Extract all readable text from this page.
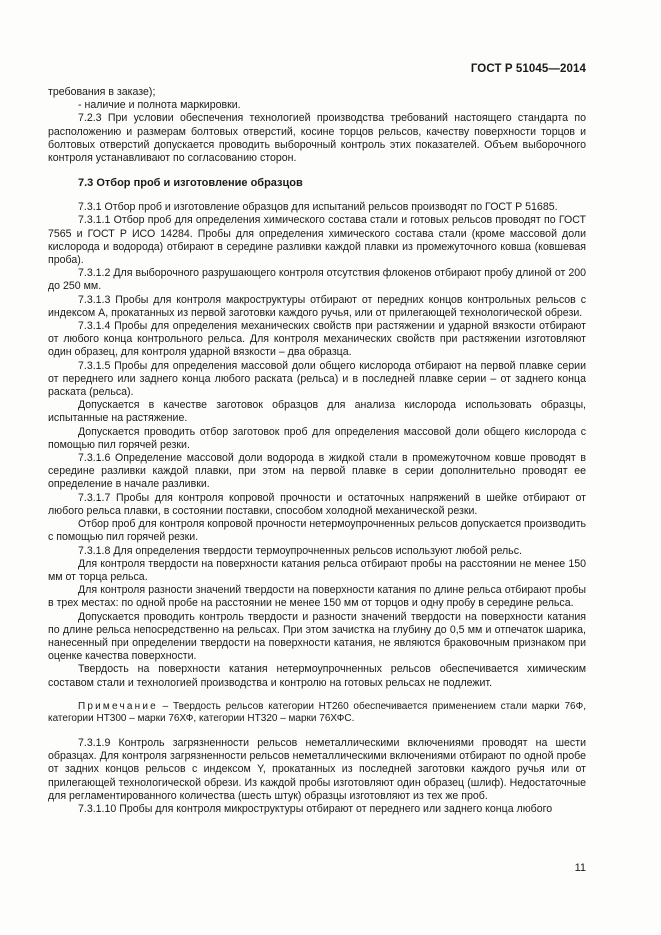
ГОСТ Р 51045—2014

требования в заказе);

- наличие и полнота маркировки.

7.2.3 При условии обеспечения технологией производства требований настоящего стандарта по расположению и размерам болтовых отверстий, косине торцов рельсов, качеству поверхности торцов и болтовых отверстий допускается проводить выборочный контроль этих показателей. Объем выборочного контроля устанавливают по согласованию сторон.

7.3 Отбор проб и изготовление образцов

7.3.1 Отбор проб и изготовление образцов для испытаний рельсов производят по ГОСТ Р 51685.

7.3.1.1 Отбор проб для определения химического состава стали и готовых рельсов проводят по ГОСТ 7565 и ГОСТ Р ИСО 14284. Пробы для определения химического состава стали (кроме массовой доли кислорода и водорода) отбирают в середине разливки каждой плавки из промежуточного ковша (ковшевая проба).

7.3.1.2 Для выборочного разрушающего контроля отсутствия флокенов отбирают пробу длиной от 200 до 250 мм.

7.3.1.3 Пробы для контроля макроструктуры отбирают от передних концов контрольных рельсов с индексом А, прокатанных из первой заготовки каждого ручья, или от прилегающей технологической обрези.

7.3.1.4 Пробы для определения механических свойств при растяжении и ударной вязкости отбирают от любого конца контрольного рельса. Для контроля механических свойств при растяжении изготовляют один образец, для контроля ударной вязкости – два образца.

7.3.1.5 Пробы для определения массовой доли общего кислорода отбирают на первой плавке серии от переднего или заднего конца любого раската (рельса) и в последней плавке серии – от заднего конца раската (рельса).

Допускается в качестве заготовок образцов для анализа кислорода использовать образцы, испытанные на растяжение.

Допускается проводить отбор заготовок проб для определения массовой доли общего кислорода с помощью пил горячей резки.

7.3.1.6 Определение массовой доли водорода в жидкой стали в промежуточном ковше проводят в середине разливки каждой плавки, при этом на первой плавке в серии дополнительно проводят ее определение в начале разливки.

7.3.1.7 Пробы для контроля копровой прочности и остаточных напряжений в шейке отбирают от любого рельса плавки, в состоянии поставки, способом холодной механической резки.

Отбор проб для контроля копровой прочности нетермоупрочненных рельсов допускается производить с помощью пил горячей резки.

7.3.1.8 Для определения твердости термоупрочненных рельсов используют любой рельс.

Для контроля твердости на поверхности катания рельса отбирают пробы на расстоянии не менее 150 мм от торца рельса.

Для контроля разности значений твердости на поверхности катания по длине рельса отбирают пробы в трех местах: по одной пробе на расстоянии не менее 150 мм от торцов и одну пробу в середине рельса.

Допускается проводить контроль твердости и разности значений твердости на поверхности катания по длине рельса непосредственно на рельсах. При этом зачистка на глубину до 0,5 мм и отпечаток шарика, нанесенный при определении твердости на поверхности катания, не являются браковочным признаком при оценке качества поверхности.

Твердость на поверхности катания нетермоупрочненных рельсов обеспечивается химическим составом стали и технологией производства и контролю на готовых рельсах не подлежит.

Примечание – Твердость рельсов категории НТ260 обеспечивается применением стали марки 76Ф, категории НТ300 – марки 76ХФ, категории НТ320 – марки 76ХФС.

7.3.1.9 Контроль загрязненности рельсов неметаллическими включениями проводят на шести образцах. Для контроля загрязненности рельсов неметаллическими включениями отбирают по одной пробе от задних концов рельсов с индексом Y, прокатанных из последней заготовки каждого ручья или от прилегающей технологической обрези. Из каждой пробы изготовляют один образец (шлиф). Недостаточные для регламентированного количества (шесть штук) образцы изготовляют из тех же проб.

7.3.1.10 Пробы для контроля микроструктуры отбирают от переднего или заднего конца любого

11
